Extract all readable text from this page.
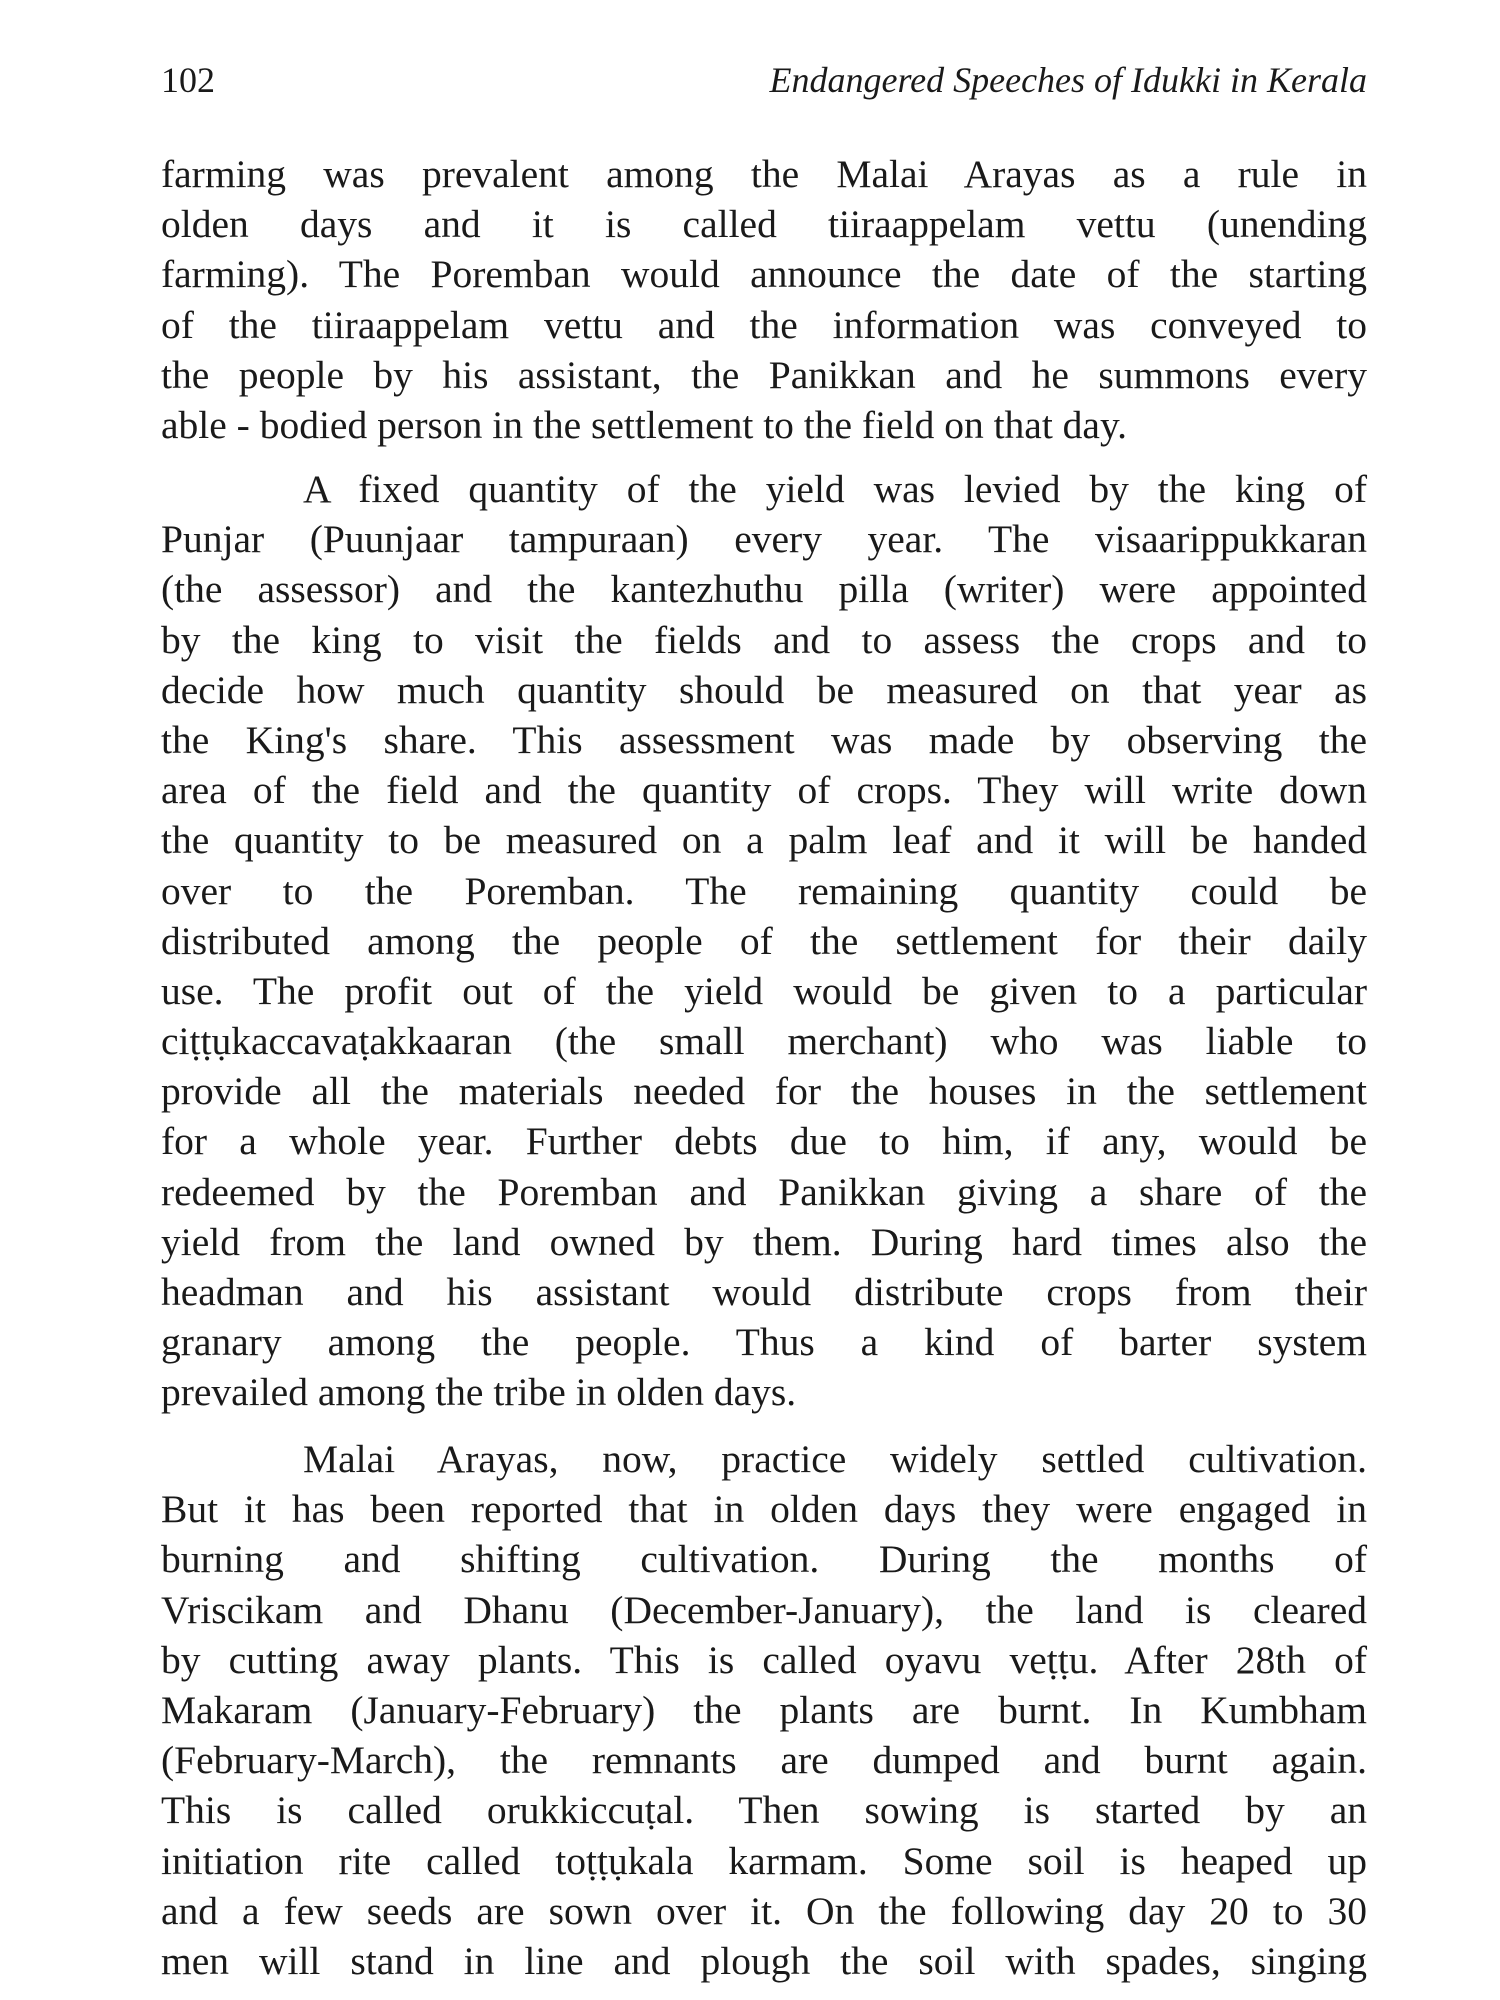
102	Endangered Speeches of Idukki in Kerala
farming was prevalent among the Malai Arayas as a rule in
olden days and it is called tiiraappelam vettu (unending
farming). The Poremban would announce the date of the starting
of the tiiraappelam vettu and the information was conveyed to
the people by his assistant, the Panikkan and he summons every
able - bodied person in the settlement to the field on that day.
A fixed quantity of the yield was levied by the king of
Punjar (Puunjaar tampuraan) every year. The visaarippukkaran
(the assessor) and the kantezhuthu pilla (writer) were appointed
by the king to visit the fields and to assess the crops and to
decide how much quantity should be measured on that year as
the King's share. This assessment was made by observing the
area of the field and the quantity of crops. They will write down
the quantity to be measured on a palm leaf and it will be handed
over to the Poremban. The remaining quantity could be
distributed among the people of the settlement for their daily
use. The profit out of the yield would be given to a particular
ciṭṭụkaccavaṭakkaaran (the small merchant) who was liable to
provide all the materials needed for the houses in the settlement
for a whole year. Further debts due to him, if any, would be
redeemed by the Poremban and Panikkan giving a share of the
yield from the land owned by them. During hard times also the
headman and his assistant would distribute crops from their
granary among the people. Thus a kind of barter system
prevailed among the tribe in olden days.
Malai Arayas, now, practice widely settled cultivation.
But it has been reported that in olden days they were engaged in
burning and shifting cultivation. During the months of
Vriscikam and Dhanu (December-January), the land is cleared
by cutting away plants. This is called oyavu veṭṭu. After 28th of
Makaram (January-February) the plants are burnt. In Kumbham
(February-March), the remnants are dumped and burnt again.
This is called orukkiccuṭal. Then sowing is started by an
initiation rite called toṭṭụkala karmam. Some soil is heaped up
and a few seeds are sown over it. On the following day 20 to 30
men will stand in line and plough the soil with spades, singing
